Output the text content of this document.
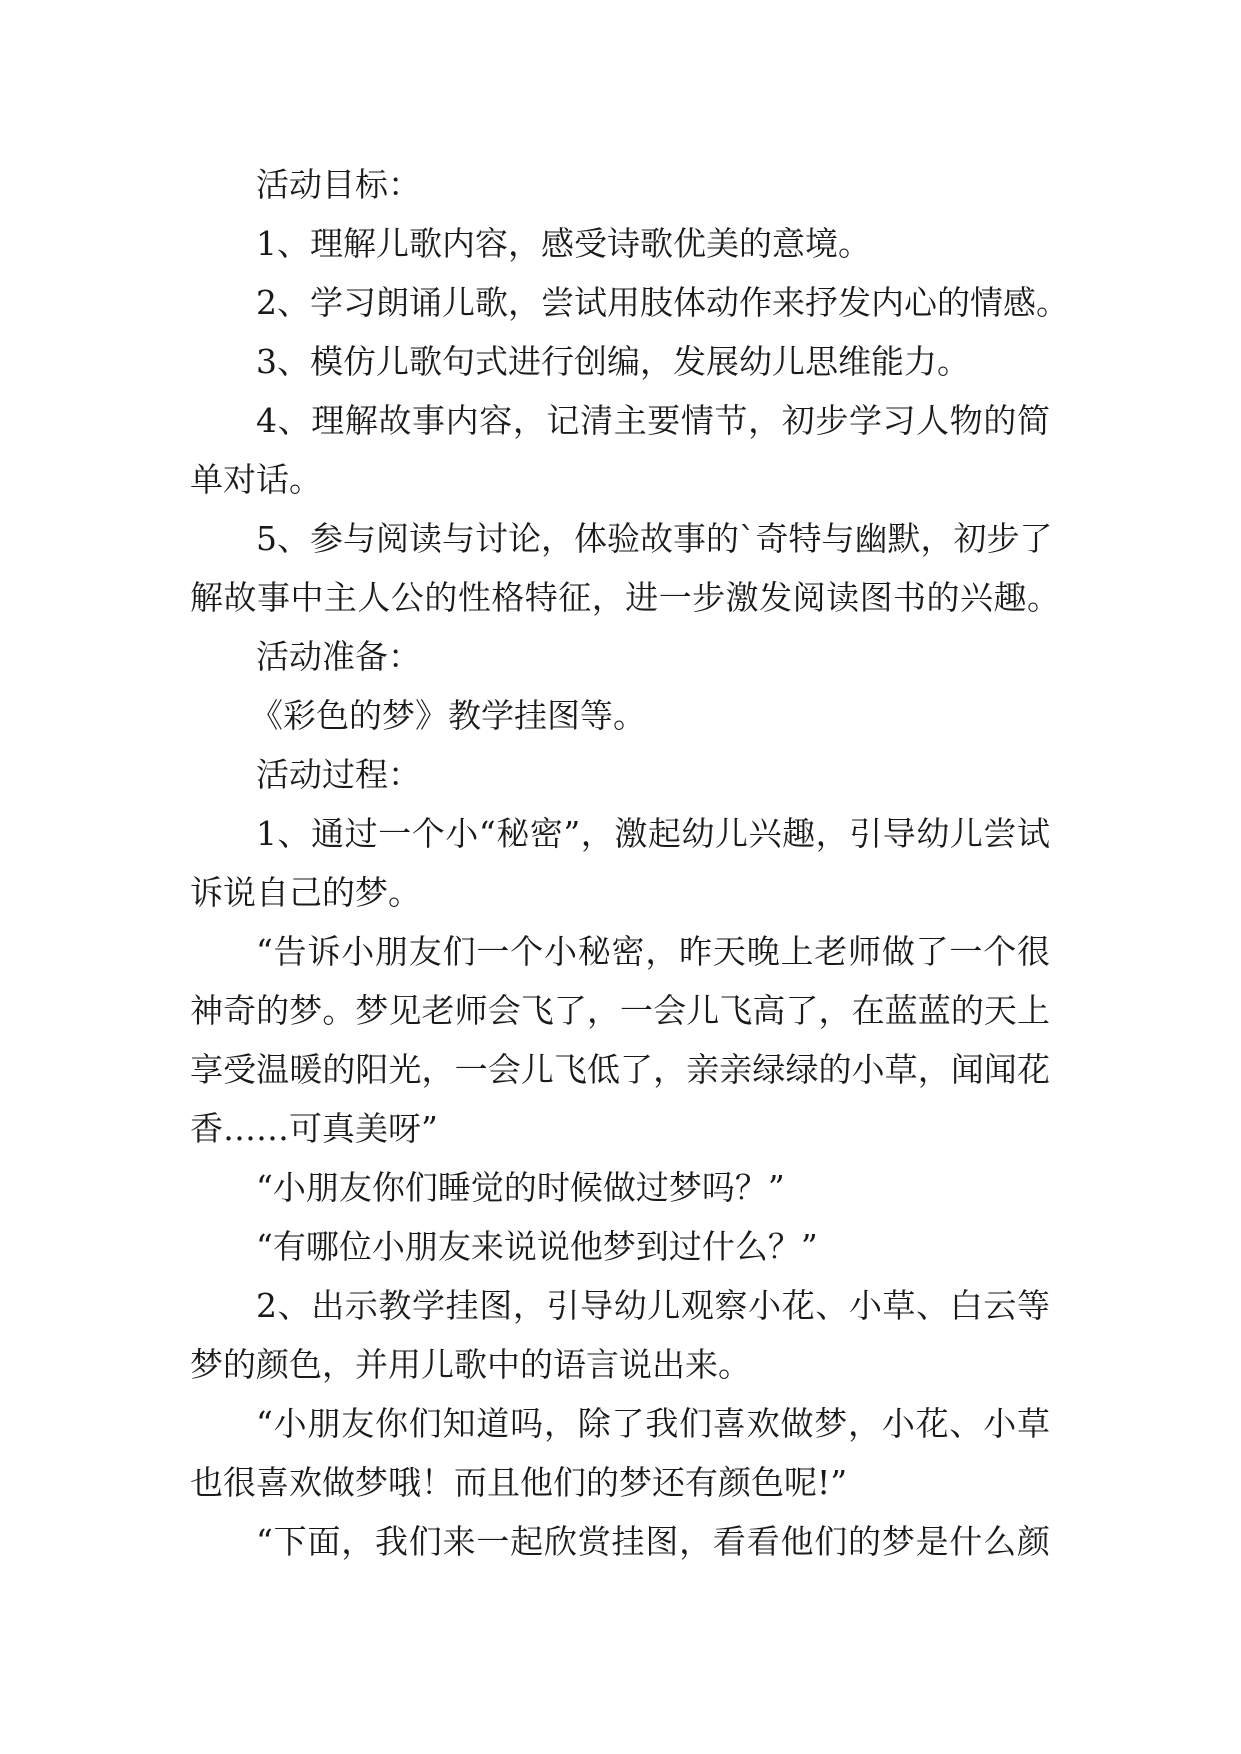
活动目标：
1、理解儿歌内容，感受诗歌优美的意境。
2、学习朗诵儿歌，尝试用肢体动作来抒发内心的情感。
3、模仿儿歌句式进行创编，发展幼儿思维能力。
4、理解故事内容，记清主要情节，初步学习人物的简
单对话。
5、参与阅读与讨论，体验故事的`奇特与幽默，初步了
解故事中主人公的性格特征，进一步激发阅读图书的兴趣。
活动准备：
《彩色的梦》教学挂图等。
活动过程：
1、通过一个小“秘密”，激起幼儿兴趣，引导幼儿尝试
诉说自己的梦。
“告诉小朋友们一个小秘密，昨天晚上老师做了一个很
神奇的梦。梦见老师会飞了，一会儿飞高了，在蓝蓝的天上
享受温暖的阳光，一会儿飞低了，亲亲绿绿的小草，闻闻花
香……可真美呀”
“小朋友你们睡觉的时候做过梦吗？”
“有哪位小朋友来说说他梦到过什么？”
2、出示教学挂图，引导幼儿观察小花、小草、白云等
梦的颜色，并用儿歌中的语言说出来。
“小朋友你们知道吗，除了我们喜欢做梦，小花、小草
也很喜欢做梦哦！而且他们的梦还有颜色呢!”
“下面，我们来一起欣赏挂图，看看他们的梦是什么颜
